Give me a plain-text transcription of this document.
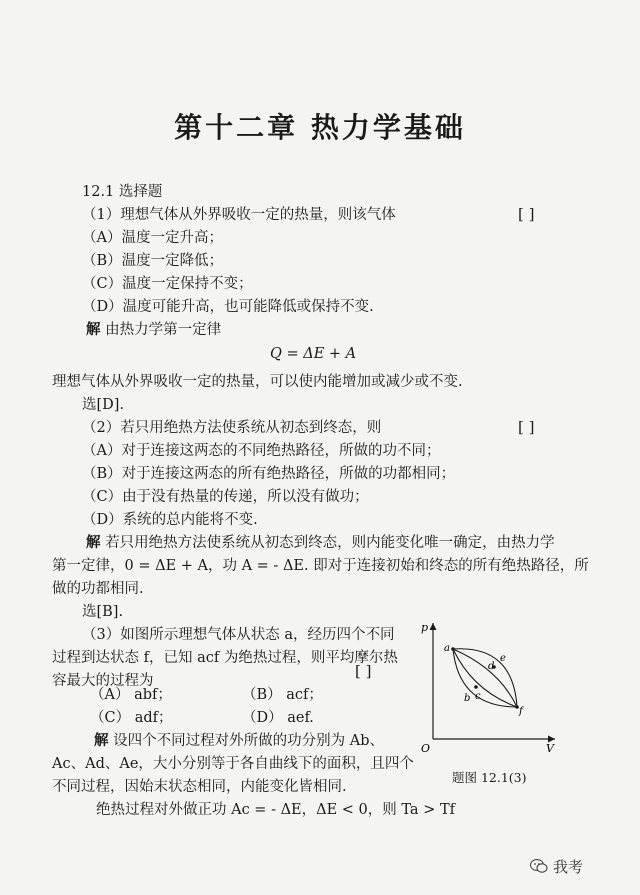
第十二章 热力学基础
12.1 选择题
（1）理想气体从外界吸收一定的热量，则该气体	[ ]
（A）温度一定升高；
（B）温度一定降低；
（C）温度一定保持不变；
（D）温度可能升高，也可能降低或保持不变.
解 由热力学第一定律
Q = ΔE + A
理想气体从外界吸收一定的热量，可以使内能增加或减少或不变.
选[D].
（2）若只用绝热方法使系统从初态到终态，则	[ ]
（A）对于连接这两态的不同绝热路径，所做的功不同；
（B）对于连接这两态的所有绝热路径，所做的功都相同；
（C）由于没有热量的传递，所以没有做功；
（D）系统的总内能将不变.
解 若只用绝热方法使系统从初态到终态，则内能变化唯一确定，由热力学
第一定律，0 = ΔE + A，功 A = - ΔE. 即对于连接初始和终态的所有绝热路径，所
做的功都相同.
选[B].
（3）如图所示理想气体从状态 a，经历四个不同
过程到达状态 f，已知 acf 为绝热过程，则平均摩尔热
容最大的过程为
[ ]
（A） abf；	（B） acf；
（C） adf；	（D） aef.
解 设四个不同过程对外所做的功分别为 Ab、
Ac、Ad、Ae，大小分别等于各自曲线下的面积，且四个
不同过程，因始末状态相同，内能变化皆相同.
绝热过程对外做正功 Ac = - ΔE，ΔE < 0，则 Ta > Tf
p
V
O
a
b c
d
e
f
题图 12.1(3)
我考
